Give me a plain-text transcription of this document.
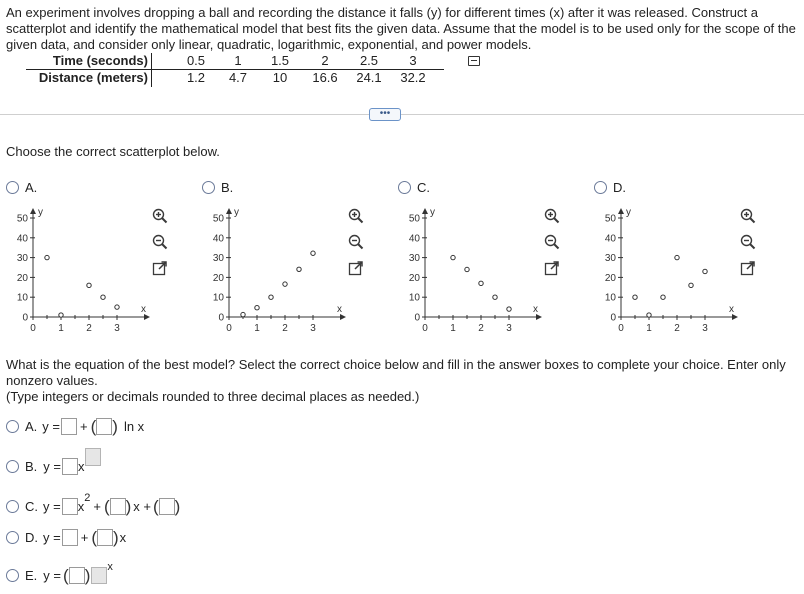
An experiment involves dropping a ball and recording the distance it falls (y) for different times (x) after it was released. Construct a scatterplot and identify the mathematical model that best fits the given data. Assume that the model is to be used only for the scope of the given data, and consider only linear, quadratic, logarithmic, exponential, and power models.
Time (seconds)	0.5	1	1.5	2	2.5	3
Distance (meters)	1.2	4.7	10	16.6	24.1	32.2
•••
Choose the correct scatterplot below.
A.
50
40
30
20
10
0
0 1 2 3
y
x
B.
50
40
30
20
10
0
0 1 2 3
y
x
C.
50
40
30
20
10
0
0 1 2 3
y
x
D.
50
40
30
20
10
0
0 1 2 3
y
x
What is the equation of the best model? Select the correct choice below and fill in the answer boxes to complete your choice. Enter only nonzero values.
(Type integers or decimals rounded to three decimal places as needed.)
A. y = + ( ) ln x
B. y = x
C. y = x
2
+ ( ) x + ( )
D. y = + ( ) x
E. y = ( ) x
